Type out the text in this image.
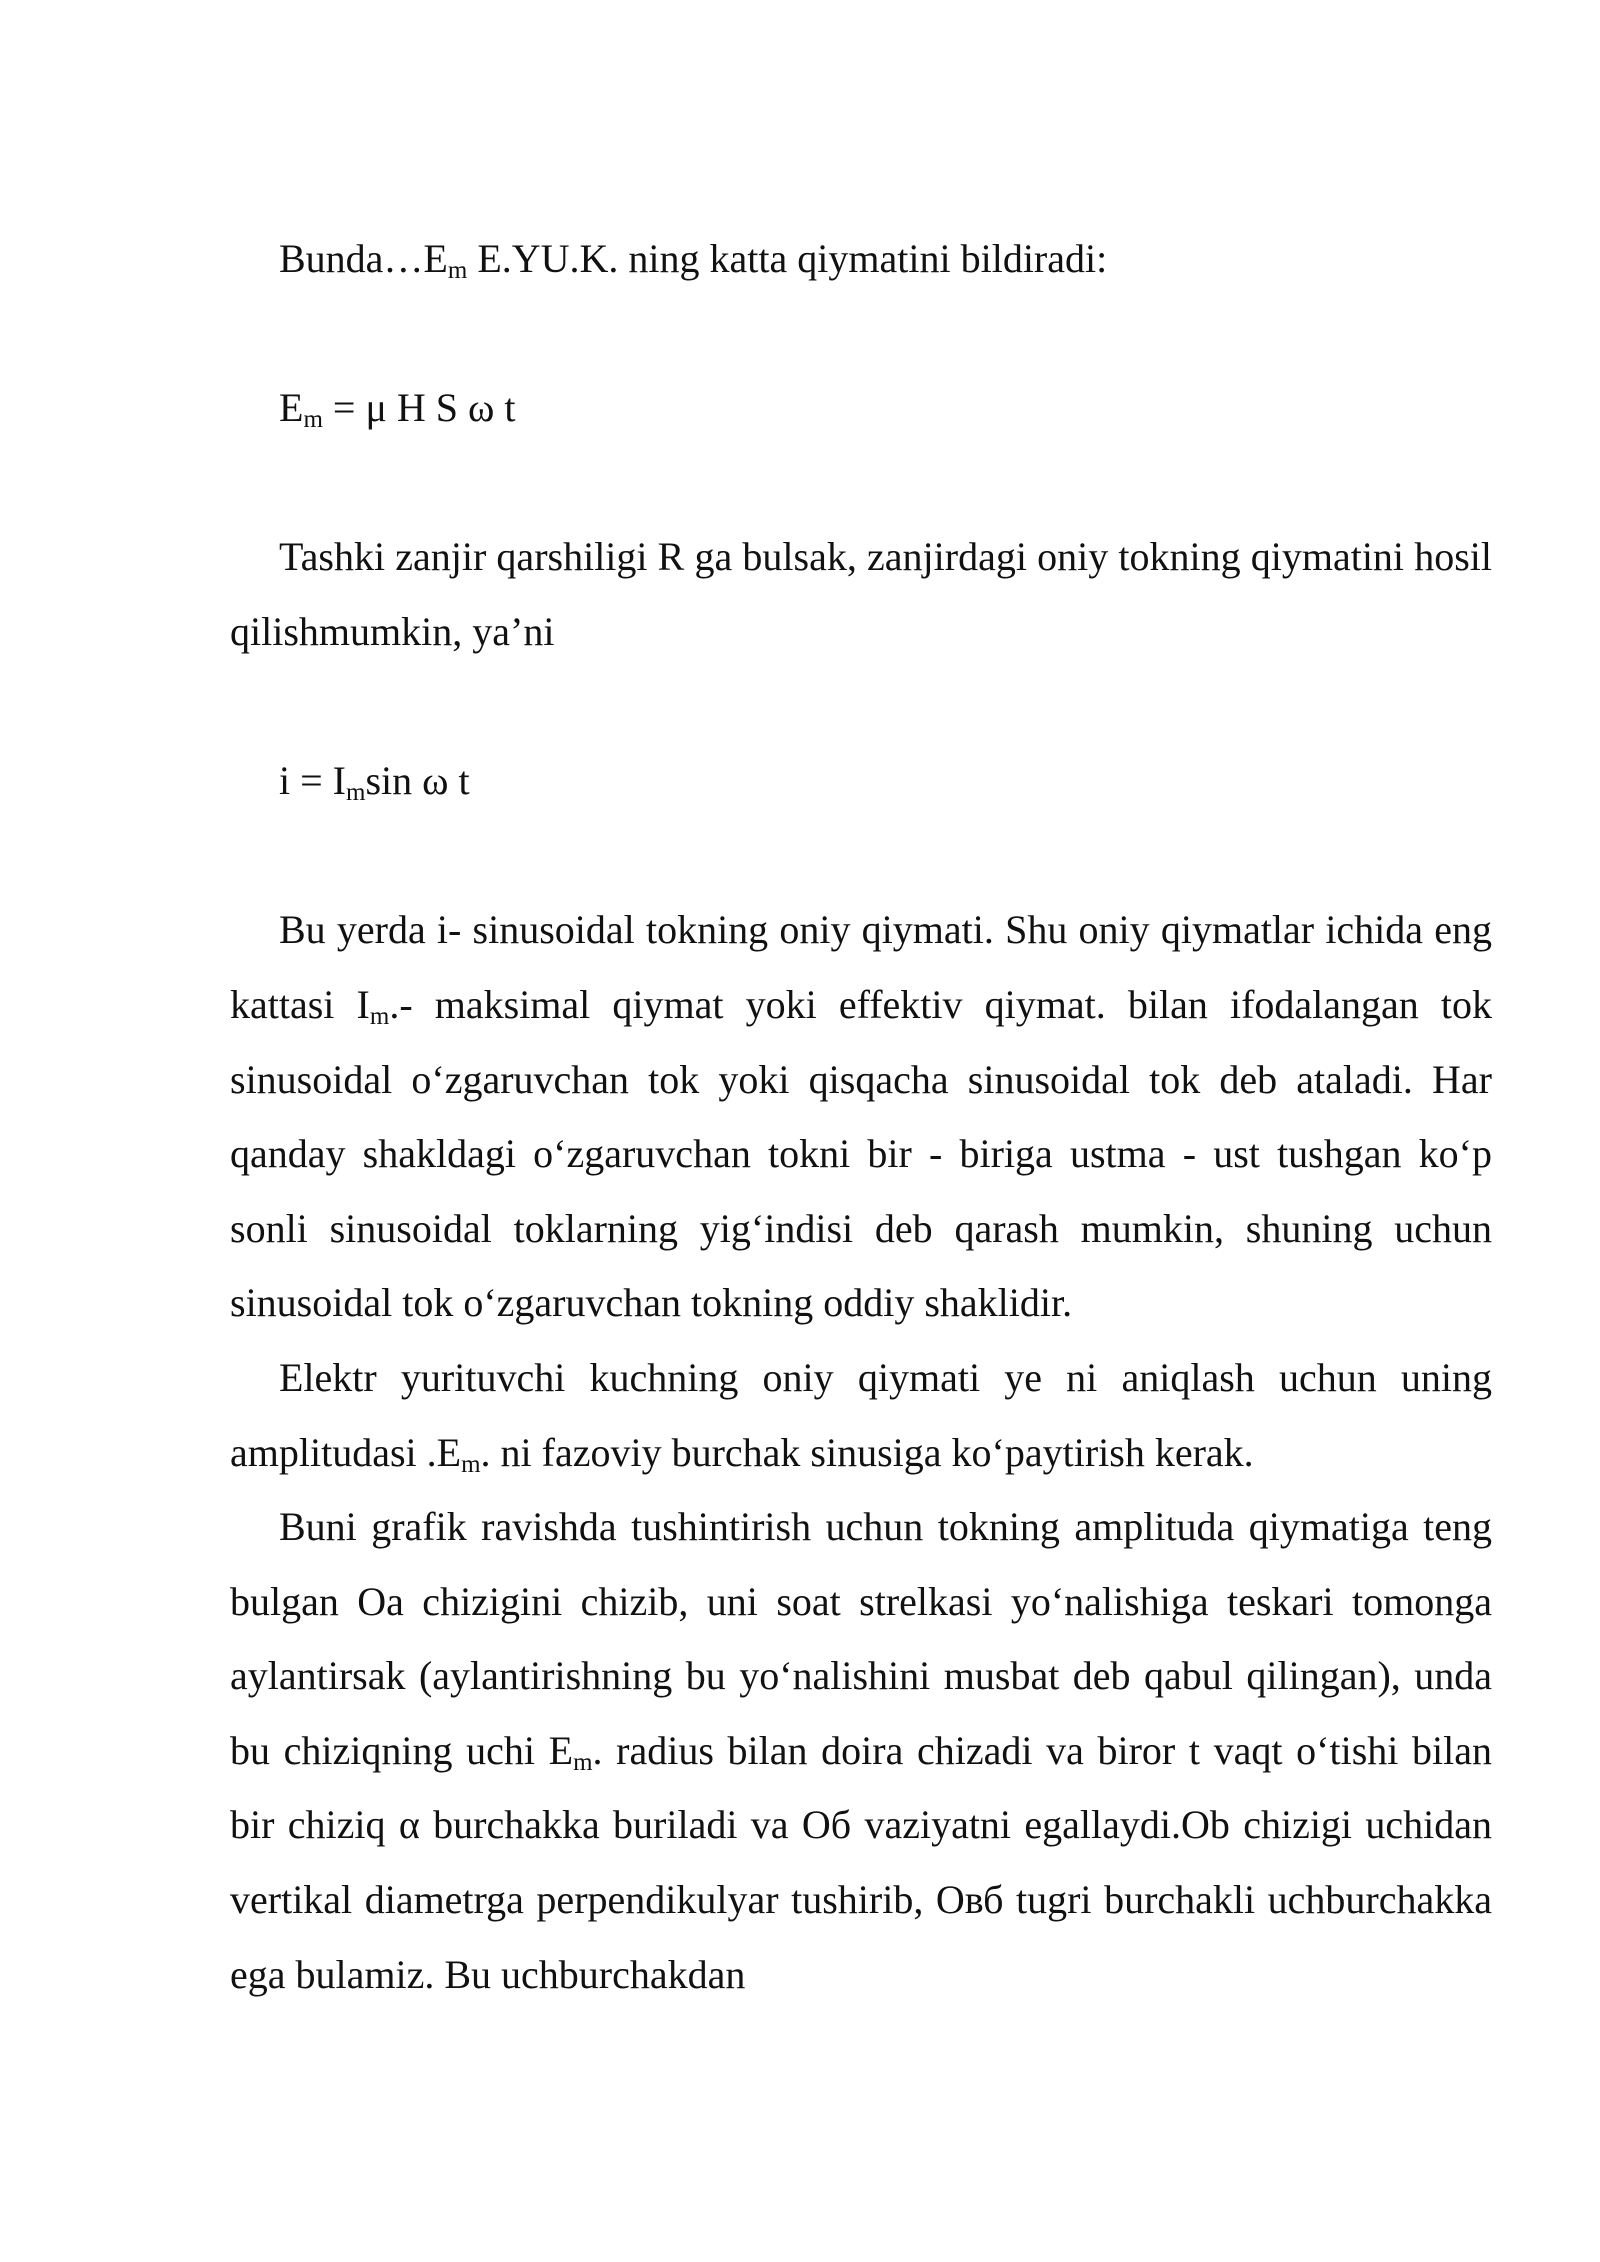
$Bunda\dots E_m$ E.YU.K. ning katta qiymatini bildiradi:

$E_m = \mu$ H S ω t

Tashki zanjir qarshiligi R ga bulsak, zanjirdagi oniy tokning qiymatini hosil qilishmumkin, ya’ni

$i = I_m\sin$ ω t

Bu yerda i- sinusoidal tokning oniy qiymati. Shu oniy qiymatlar ichida eng kattasi $I_m.-$ maksimal qiymat yoki effektiv qiymat. bilan ifodalangan tok sinusoidal o‘zgaruvchan tok yoki qisqacha sinusoidal tok deb ataladi. Har qanday shakldagi o‘zgaruvchan tokni bir - biriga ustma - ust tushgan ko‘p sonli sinusoidal toklarning yig‘indisi deb qarash mumkin, shuning uchun sinusoidal tok o‘zgaruvchan tokning oddiy shaklidir.

Elektr yurituvchi kuchning oniy qiymati ye ni aniqlash uchun uning amplitudasi $.E_m$. ni fazoviy burchak sinusiga ko‘paytirish kerak.

Buni grafik ravishda tushintirish uchun tokning amplituda qiymatiga teng bulgan Oa chizigini chizib, uni soat strelkasi yo‘nalishiga teskari tomonga aylantirsak (aylantirishning bu yo‘nalishini musbat deb qabul qilingan), unda bu chiziqning uchi $E_m$. radius bilan doira chizadi va biror t vaqt o‘tishi bilan bir chiziq α burchakka buriladi va Oб vaziyatni egallaydi.Ob chizigi uchidan vertikal diametrga perpendikulyar tushirib, Oвб tugri burchakli uchburchakka ega bulamiz. Bu uchburchakdan
